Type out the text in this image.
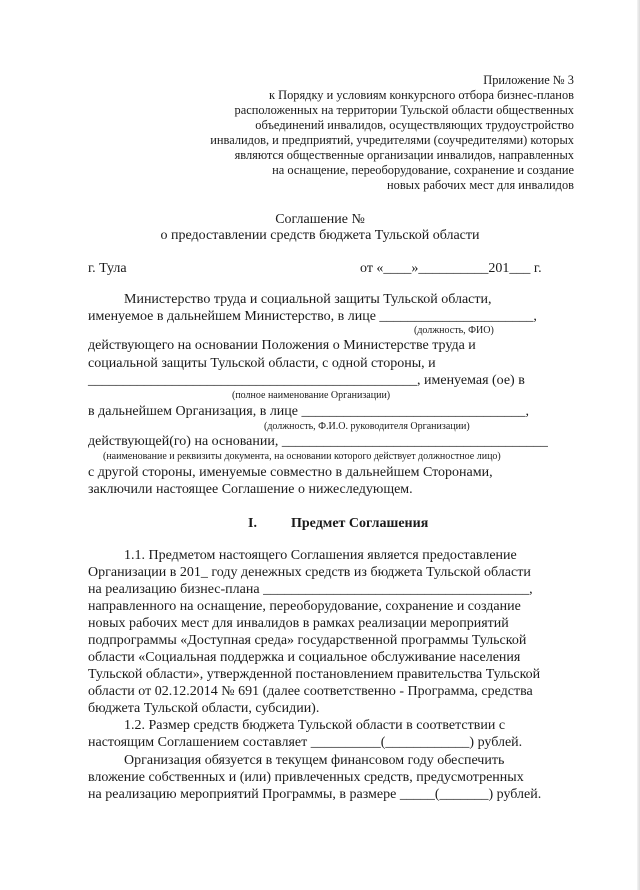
Приложение № 3
к Порядку и условиям конкурсного отбора бизнес-планов
расположенных на территории Тульской области общественных
объединений инвалидов, осуществляющих трудоустройство
инвалидов, и предприятий, учредителями (соучредителями) которых
являются общественные организации инвалидов, направленных
на оснащение, переоборудование, сохранение и создание
новых рабочих мест для инвалидов
Соглашение №
о предоставлении средств бюджета Тульской области
г. Тула	от «____»__________201___ г.
Министерство труда и социальной защиты Тульской области,
именуемое в дальнейшем Министерство, в лице ______________________,
(должность, ФИО)
действующего на основании Положения о Министерстве труда и
социальной защиты Тульской области, с одной стороны, и
_______________________________________________, именуемая (ое) в
(полное наименование Организации)
в дальнейшем Организация, в лице ________________________________,
(должность, Ф.И.О. руководителя Организации)
действующей(го) на основании, ______________________________________
(наименование и реквизиты документа, на основании которого действует должностное лицо)
с другой стороны, именуемые совместно в дальнейшем Сторонами,
заключили настоящее Соглашение о нижеследующем.
I. Предмет Соглашения
1.1. Предметом настоящего Соглашения является предоставление
Организации в 201_ году денежных средств из бюджета Тульской области
на реализацию бизнес-плана ______________________________________,
направленного на оснащение, переоборудование, сохранение и создание
новых рабочих мест для инвалидов в рамках реализации мероприятий
подпрограммы «Доступная среда» государственной программы Тульской
области «Социальная поддержка и социальное обслуживание населения
Тульской области», утвержденной постановлением правительства Тульской
области от 02.12.2014 № 691 (далее соответственно - Программа, средства
бюджета Тульской области, субсидии).
1.2. Размер средств бюджета Тульской области в соответствии с
настоящим Соглашением составляет __________(____________) рублей.
Организация обязуется в текущем финансовом году обеспечить
вложение собственных и (или) привлеченных средств, предусмотренных
на реализацию мероприятий Программы, в размере _____(_______) рублей.
